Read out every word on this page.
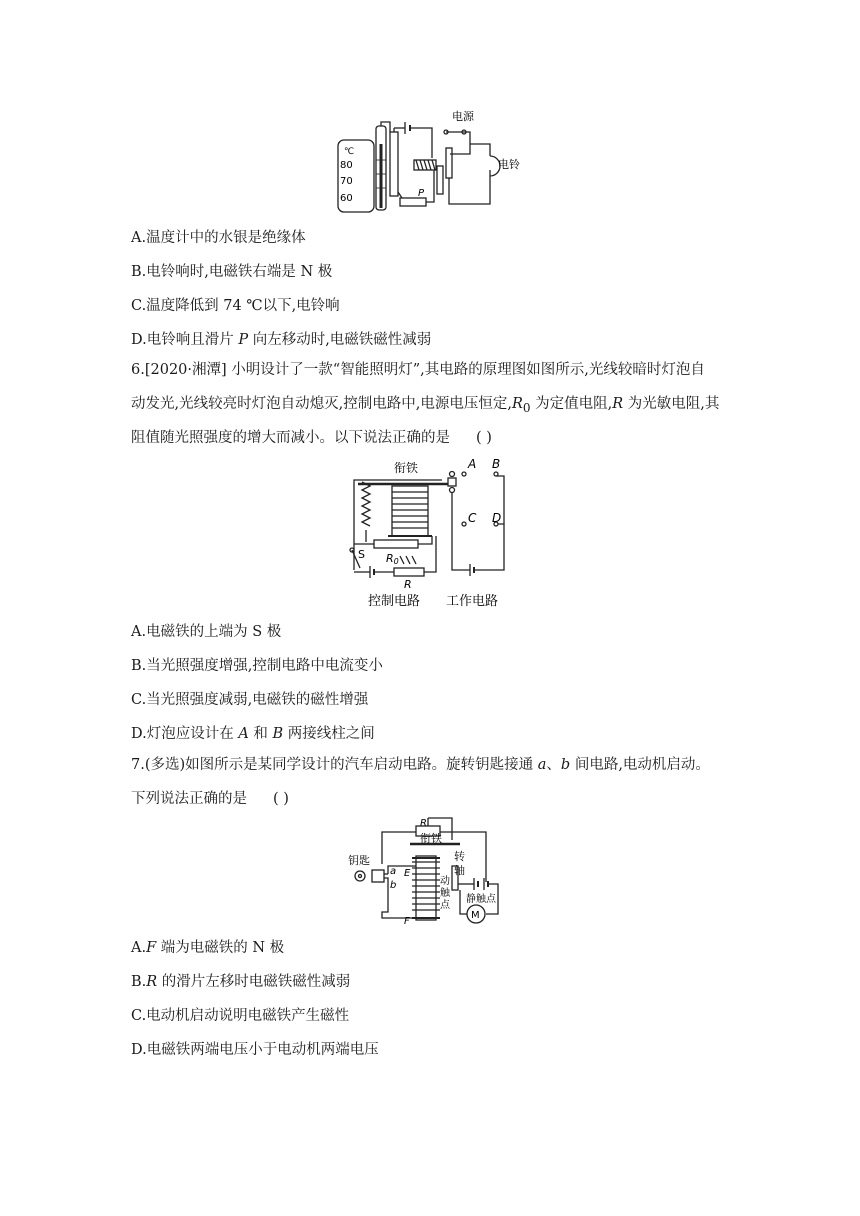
℃
80
70
60
电源
电铃
P
A.温度计中的水银是绝缘体
B.电铃响时,电磁铁右端是 N 极
C.温度降低到 74 ℃以下,电铃响
D.电铃响且滑片 P 向左移动时,电磁铁磁性减弱
6.[2020·湘潭] 小明设计了一款“智能照明灯”,其电路的原理图如图所示,光线较暗时灯泡自
动发光,光线较亮时灯泡自动熄灭,控制电路中,电源电压恒定$,R_0$ 为定值电阻,R 为光敏电阻,其
阻值随光照强度的增大而减小。以下说法正确的是 ( )
衔铁	A B
C D
S R0
R
控制电路 工作电路
A.电磁铁的上端为 S 极
B.当光照强度增强,控制电路中电流变小
C.当光照强度减弱,电磁铁的磁性增强
D.灯泡应设计在 A 和 B 两接线柱之间
7.(多选)如图所示是某同学设计的汽车启动电路。旋转钥匙接通 a、b 间电路,电动机启动。
下列说法正确的是 ( )
R
衔铁
钥匙
a
b
E
F
转
轴
动
触
点
静触点
M
A.F 端为电磁铁的 N 极
B.R 的滑片左移时电磁铁磁性减弱
C.电动机启动说明电磁铁产生磁性
D.电磁铁两端电压小于电动机两端电压
